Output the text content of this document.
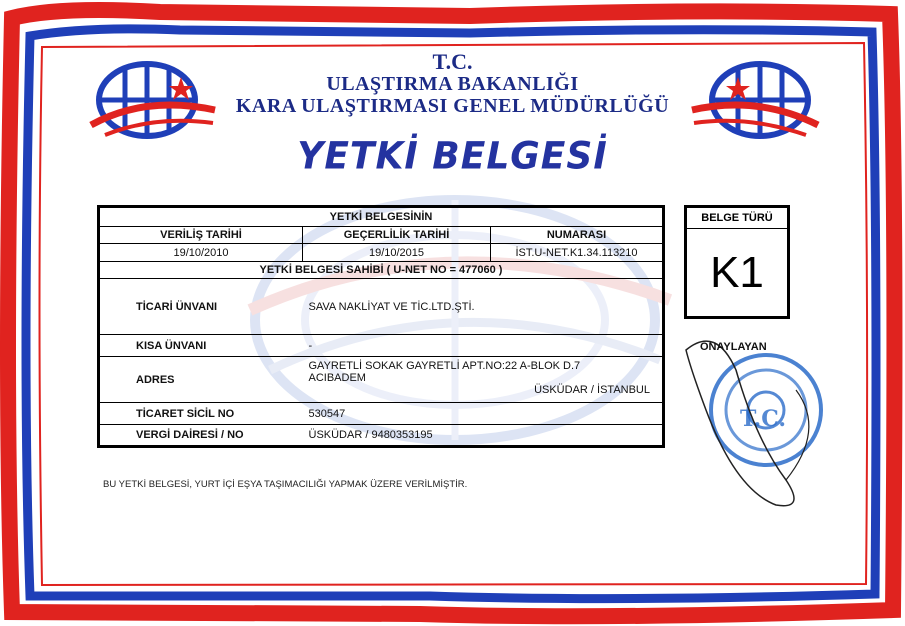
T.C.
ULAŞTIRMA BAKANLIĞI
KARA ULAŞTIRMASI GENEL MÜDÜRLÜĞÜ
YETKİ BELGESİ
YETKİ BELGESİNİN		
VERİLİŞ TARİHİ	GEÇERLİLİK TARİHİ	NUMARASI
19/10/2010	19/10/2015	İST.U-NET.K1.34.113210
YETKİ BELGESİ SAHİBİ ( U-NET NO = 477060 )		
TİCARİ ÜNVANI	SAVA NAKLİYAT VE TİC.LTD.ŞTİ.	
KISA ÜNVANI	-	
ADRES	GAYRETLİ SOKAK GAYRETLİ APT.NO:22 A-BLOK D.7
ACIBADEM
ÜSKÜDAR / İSTANBUL	

TİCARET SİCİL NO	530547	
VERGİ DAİRESİ / NO	ÜSKÜDAR / 9480353195	
BELGE TÜRÜ
K1
T.C.
ONAYLAYAN
BU YETKİ BELGESİ, YURT İÇİ EŞYA TAŞIMACILIĞI YAPMAK ÜZERE VERİLMİŞTİR.
